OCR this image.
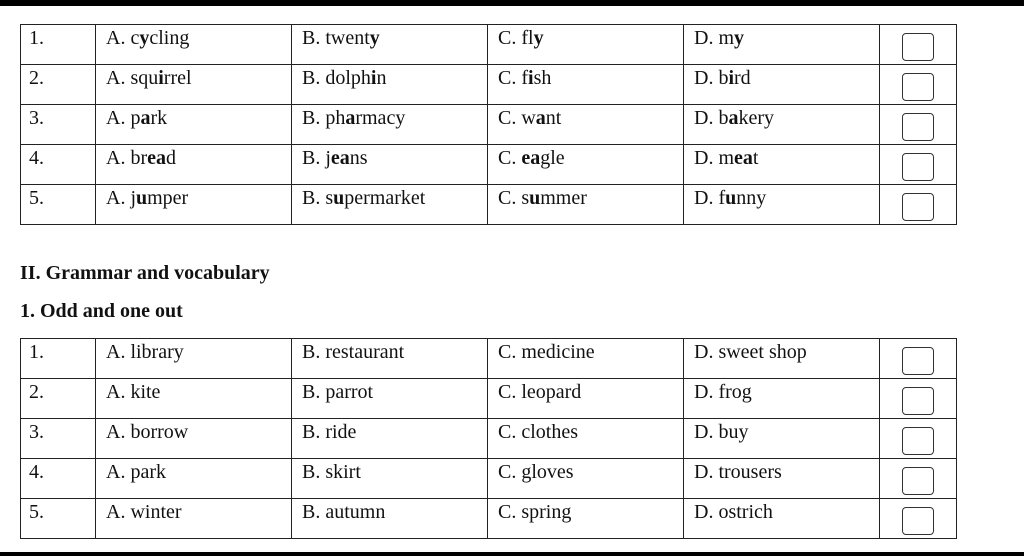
1.	A. cycling	B. twenty	C. fly	D. my	
2.	A. squirrel	B. dolphin	C. fish	D. bird	
3.	A. park	B. pharmacy	C. want	D. bakery	
4.	A. bread	B. jeans	C. eagle	D. meat	
5.	A. jumper	B. supermarket	C. summer	D. funny	
II. Grammar and vocabulary
1. Odd and one out
1.	A. library	B. restaurant	C. medicine	D. sweet shop	
2.	A. kite	B. parrot	C. leopard	D. frog	
3.	A. borrow	B. ride	C. clothes	D. buy	
4.	A. park	B. skirt	C. gloves	D. trousers	
5.	A. winter	B. autumn	C. spring	D. ostrich	
